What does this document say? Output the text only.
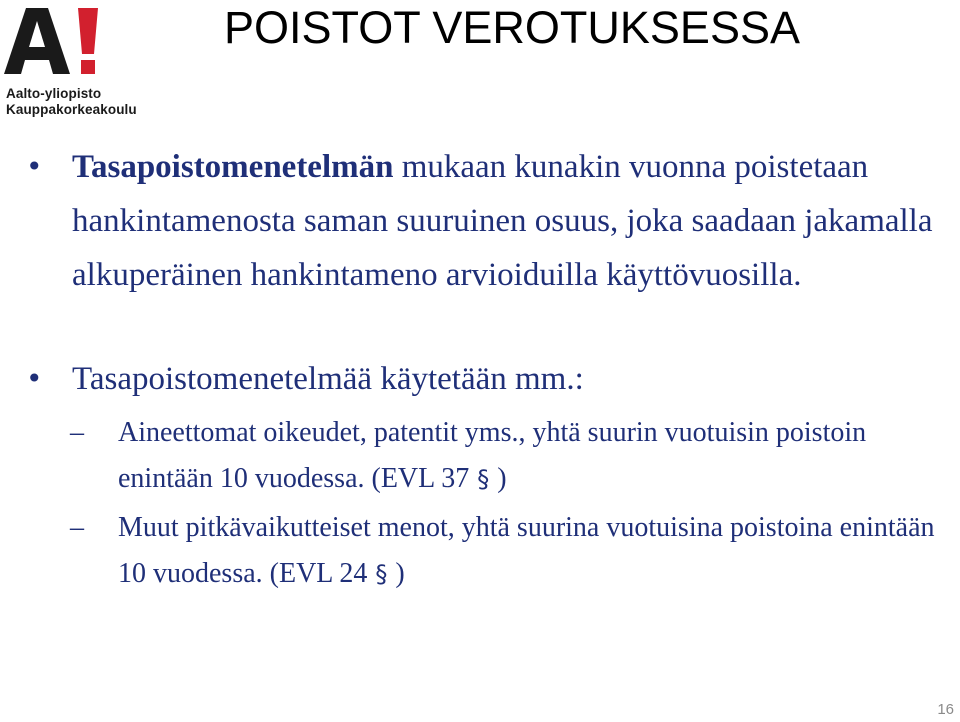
Aalto-yliopisto
Kauppakorkeakoulu
POISTOT VEROTUKSESSA
• Tasapoistomenetelmän mukaan kunakin vuonna poistetaan hankintamenosta saman suuruinen osuus, joka saadaan jakamalla alkuperäinen hankintameno arvioiduilla käyttövuosilla.
• Tasapoistomenetelmää käytetään mm.:
– Aineettomat oikeudet, patentit yms., yhtä suurin vuotuisin poistoin enintään 10 vuodessa. (EVL 37 § )
– Muut pitkävaikutteiset menot, yhtä suurina vuotuisina poistoina enintään 10 vuodessa. (EVL 24 § )
16
